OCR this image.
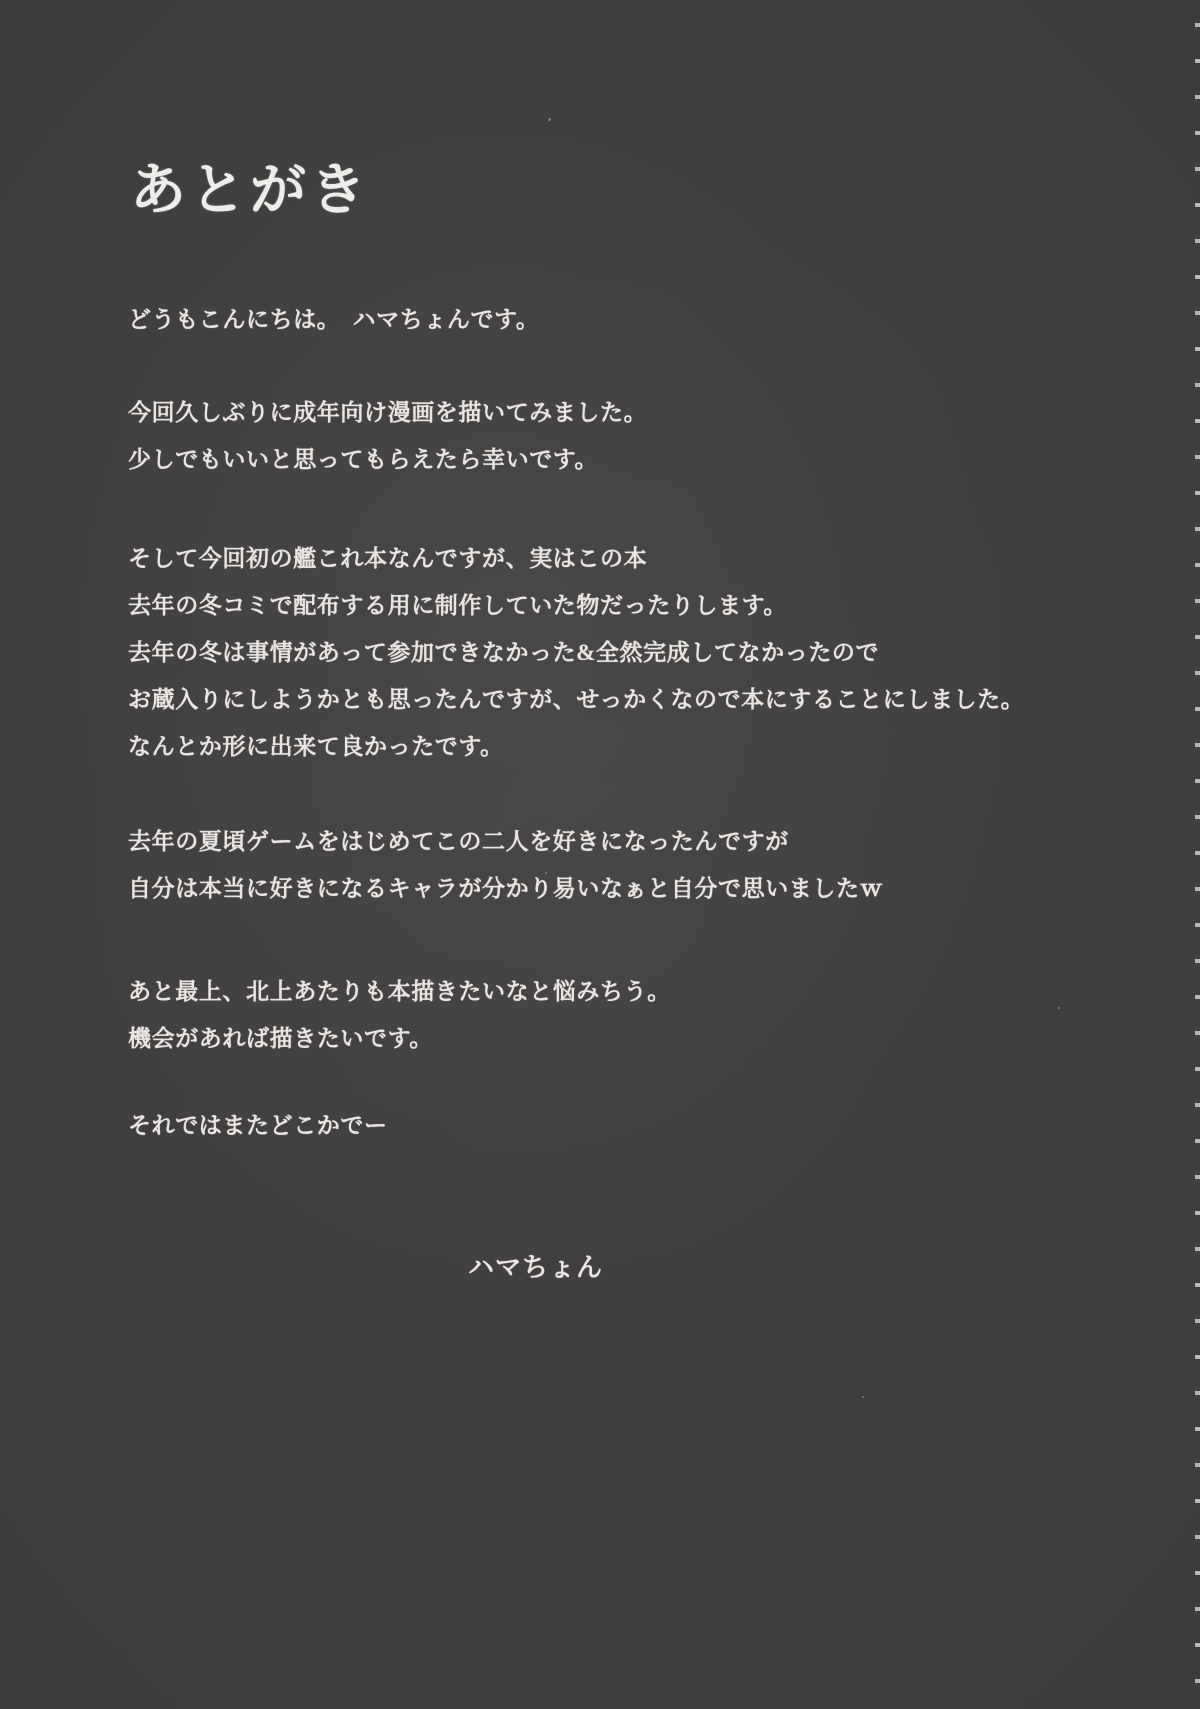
あとがき
どうもこんにちは。　ハマちょんです。
今回久しぶりに成年向け漫画を描いてみました。
少しでもいいと思ってもらえたら幸いです。
そして今回初の艦これ本なんですが、実はこの本
去年の冬コミで配布する用に制作していた物だったりします。
去年の冬は事情があって参加できなかった&全然完成してなかったので
お蔵入りにしようかとも思ったんですが、せっかくなので本にすることにしました。
なんとか形に出来て良かったです。
去年の夏頃ゲームをはじめてこの二人を好きになったんですが
自分は本当に好きになるキャラが分かり易いなぁと自分で思いましたｗ
あと最上、北上あたりも本描きたいなと悩みちう。
機会があれば描きたいです。
それではまたどこかでー
ハマちょん
